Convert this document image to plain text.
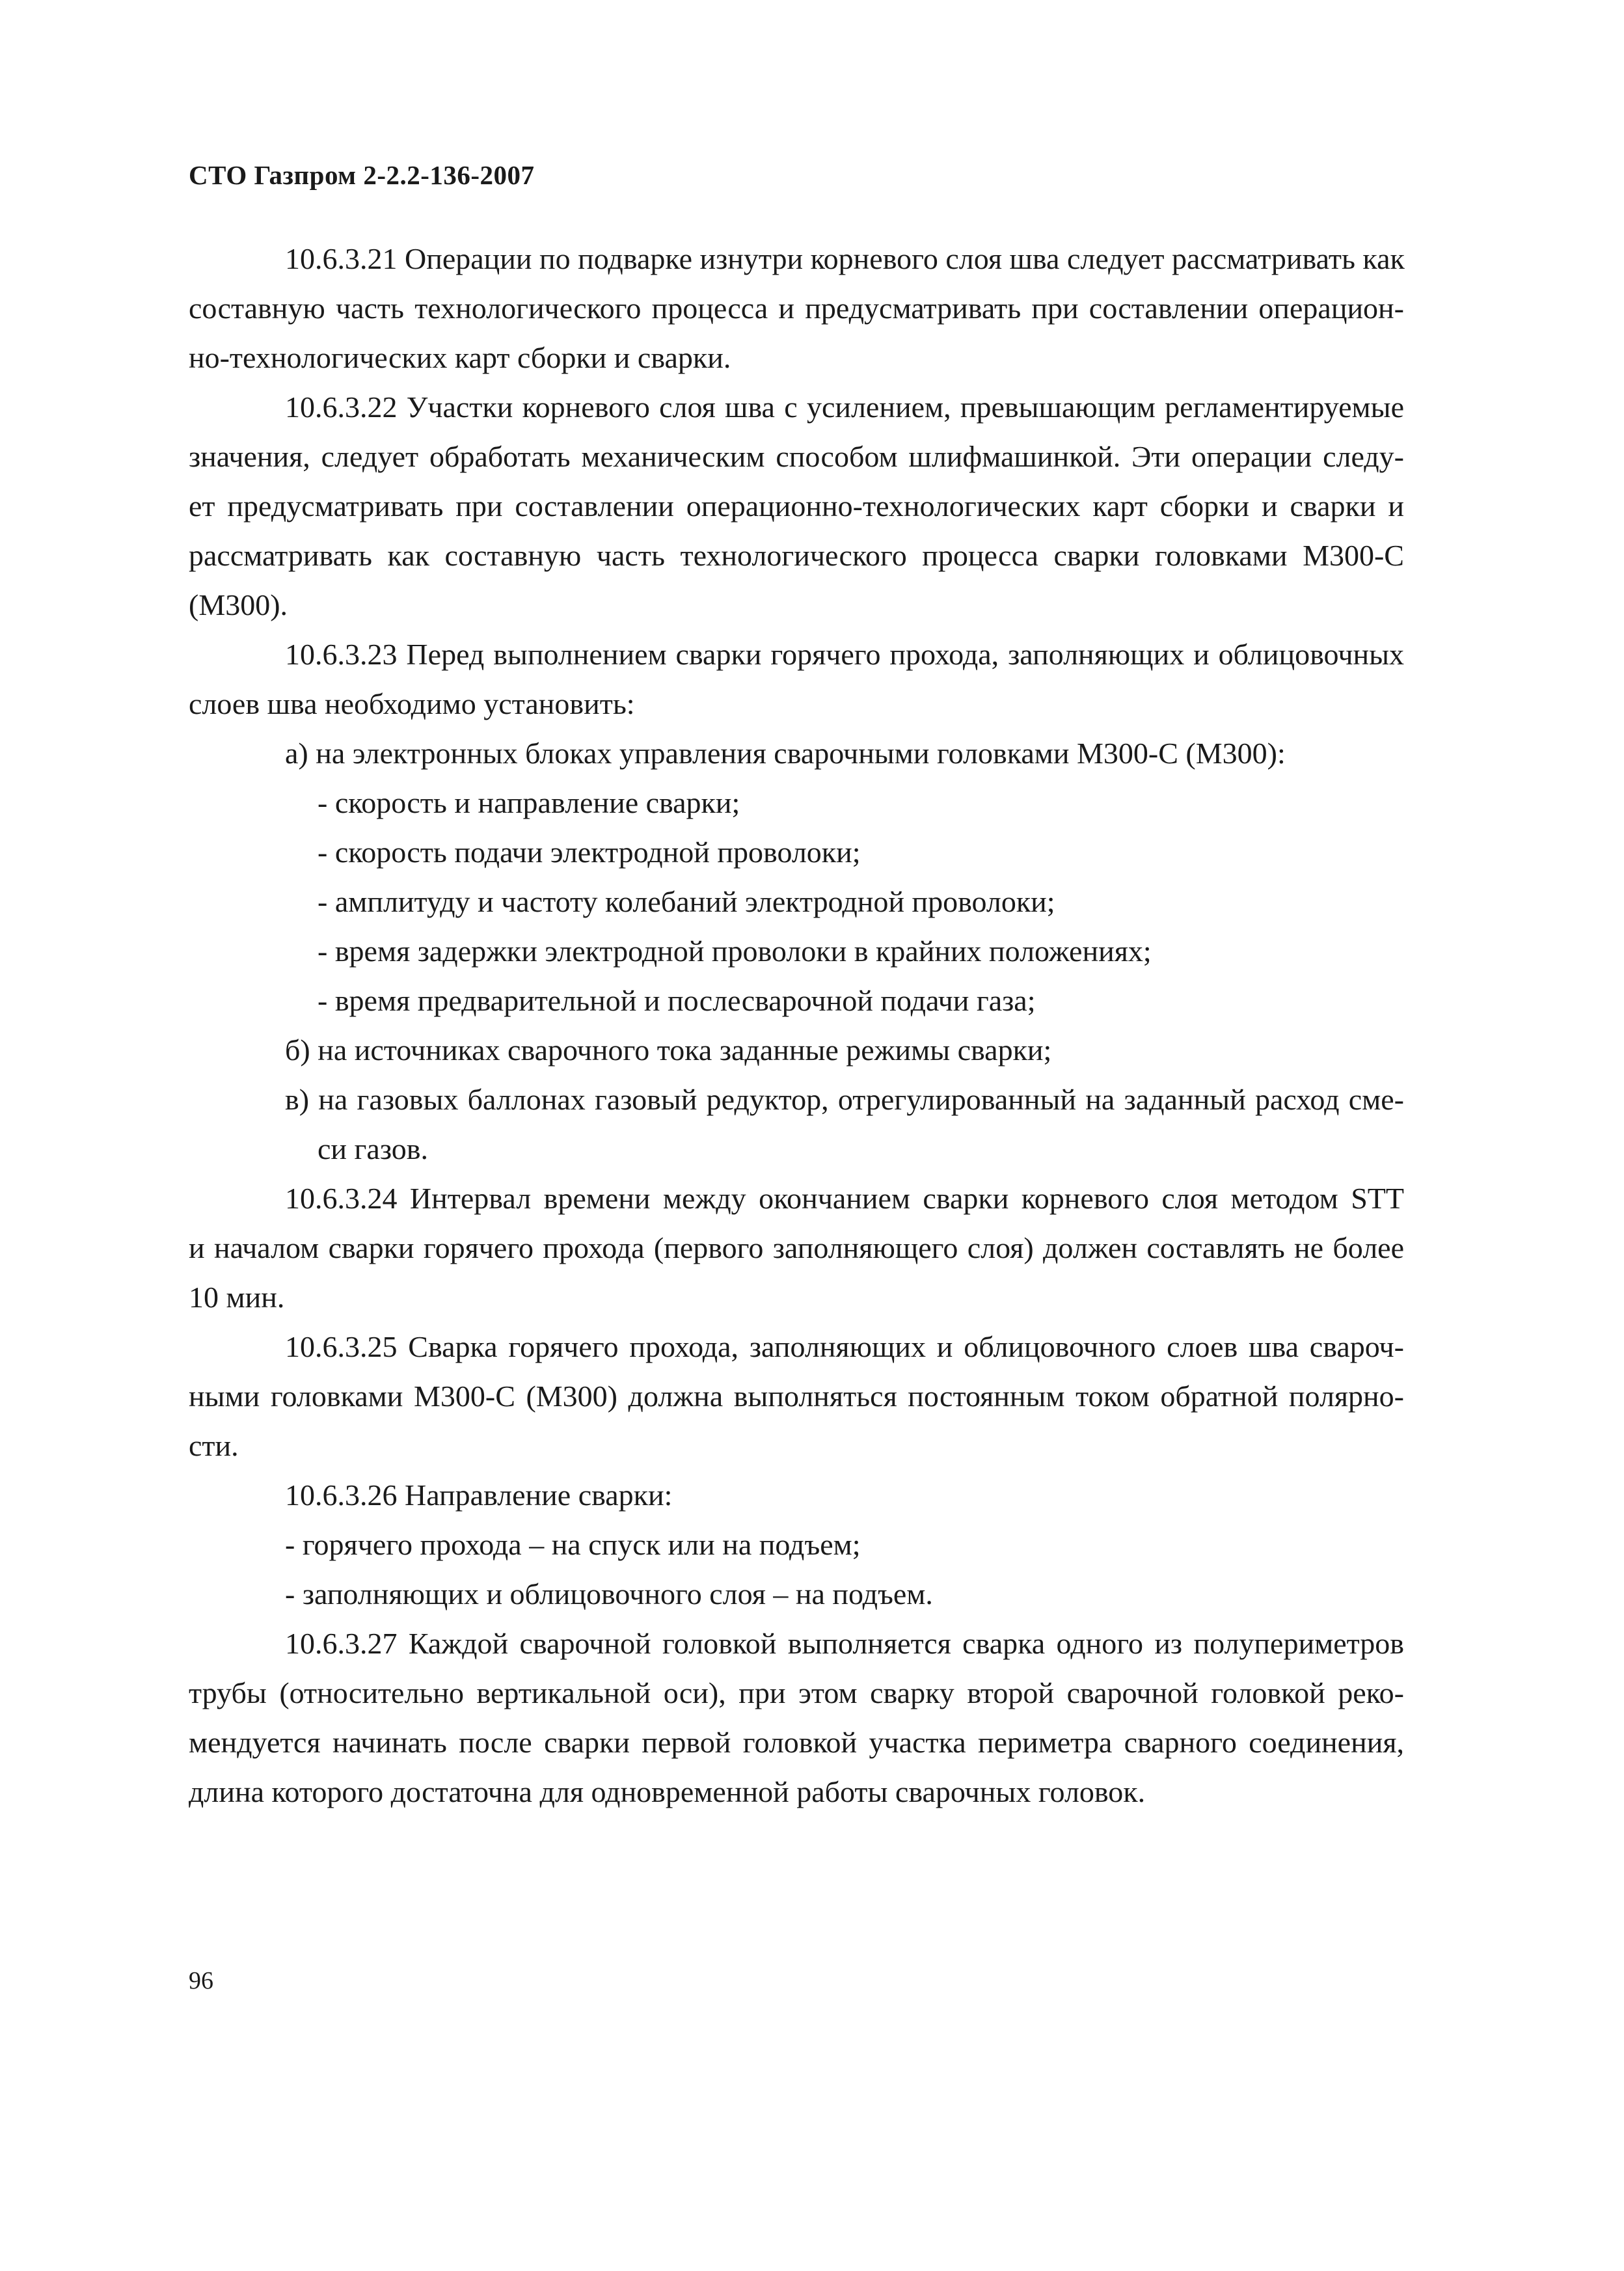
СТО Газпром 2-2.2-136-2007
10.6.3.21 Операции по подварке изнутри корневого слоя шва следует рассматривать как
составную часть технологического процесса и предусматривать при составлении операцион-
но-технологических карт сборки и сварки.
10.6.3.22 Участки корневого слоя шва с усилением, превышающим регламентируемые
значения, следует обработать механическим способом шлифмашинкой. Эти операции следу-
ет предусматривать при составлении операционно-технологических карт сборки и сварки и
рассматривать как составную часть технологического процесса сварки головками М300-С
(М300).
10.6.3.23 Перед выполнением сварки горячего прохода, заполняющих и облицовочных
слоев шва необходимо установить:
а) на электронных блоках управления сварочными головками М300-С (М300):
- скорость и направление сварки;
- скорость подачи электродной проволоки;
- амплитуду и частоту колебаний электродной проволоки;
- время задержки электродной проволоки в крайних положениях;
- время предварительной и послесварочной подачи газа;
б) на источниках сварочного тока заданные режимы сварки;
в) на газовых баллонах газовый редуктор, отрегулированный на заданный расход сме-
си газов.
10.6.3.24 Интервал времени между окончанием сварки корневого слоя методом STT
и началом сварки горячего прохода (первого заполняющего слоя) должен составлять не более
10 мин.
10.6.3.25 Сварка горячего прохода, заполняющих и облицовочного слоев шва свароч-
ными головками М300-С (М300) должна выполняться постоянным током обратной полярно-
сти.
10.6.3.26 Направление сварки:
- горячего прохода – на спуск или на подъем;
- заполняющих и облицовочного слоя – на подъем.
10.6.3.27 Каждой сварочной головкой выполняется сварка одного из полупериметров
трубы (относительно вертикальной оси), при этом сварку второй сварочной головкой реко-
мендуется начинать после сварки первой головкой участка периметра сварного соединения,
длина которого достаточна для одновременной работы сварочных головок.
96
